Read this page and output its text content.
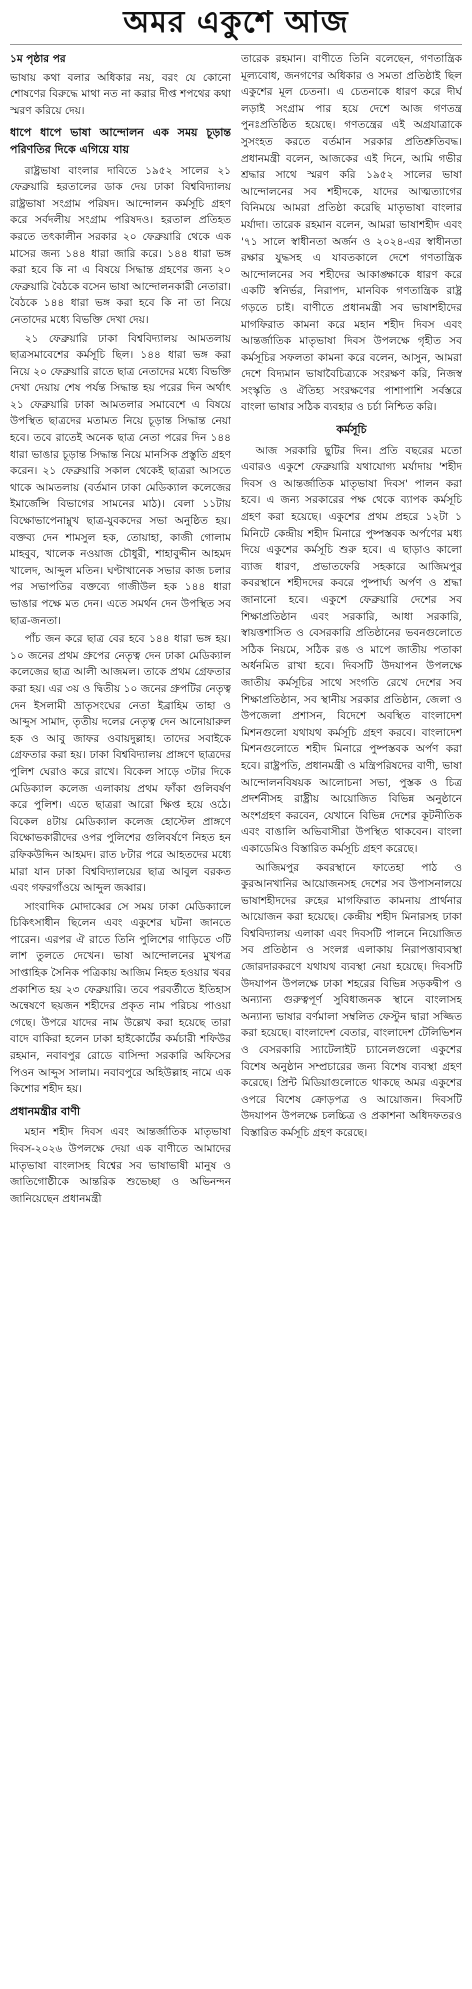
অমর একুশে আজ

১ম পৃষ্ঠার পর

ভাষায় কথা বলার অধিকার নয়, বরং যে কোনো শোষণের বিরুদ্ধে মাথা নত না করার দীপ্ত শপথের কথা স্মরণ করিয়ে দেয়।

ধাপে ধাপে ভাষা আন্দোলন এক সময় চূড়ান্ত পরিণতির দিকে এগিয়ে যায়

রাষ্ট্রভাষা বাংলার দাবিতে ১৯৫২ সালের ২১ ফেব্রুয়ারি হরতালের ডাক দেয় ঢাকা বিশ্ববিদ্যালয় রাষ্ট্রভাষা সংগ্রাম পরিষদ। আন্দোলন কর্মসূচি গ্রহণ করে সর্বদলীয় সংগ্রাম পরিষদও। হরতাল প্রতিহত করতে তৎকালীন সরকার ২০ ফেব্রুয়ারি থেকে এক মাসের জন্য ১৪৪ ধারা জারি করে। ১৪৪ ধারা ভঙ্গ করা হবে কি না এ বিষয়ে সিদ্ধান্ত গ্রহণের জন্য ২০ ফেব্রুয়ারি বৈঠকে বসেন ভাষা আন্দোলনকারী নেতারা। বৈঠকে ১৪৪ ধারা ভঙ্গ করা হবে কি না তা নিয়ে নেতাদের মধ্যে বিভক্তি দেখা দেয়।

২১ ফেব্রুয়ারি ঢাকা বিশ্ববিদ্যালয় আমতলায় ছাত্রসমাবেশের কর্মসূচি ছিল। ১৪৪ ধারা ভঙ্গ করা নিয়ে ২০ ফেব্রুয়ারি রাতে ছাত্র নেতাদের মধ্যে বিভক্তি দেখা দেয়ায় শেষ পর্যন্ত সিদ্ধান্ত হয় পরের দিন অর্থাৎ ২১ ফেব্রুয়ারি ঢাকা আমতলার সমাবেশে এ বিষয়ে উপস্থিত ছাত্রদের মতামত নিয়ে চূড়ান্ত সিদ্ধান্ত নেয়া হবে। তবে রাতেই অনেক ছাত্র নেতা পরের দিন ১৪৪ ধারা ভাঙার চূড়ান্ত সিদ্ধান্ত নিয়ে মানসিক প্রস্তুতি গ্রহণ করেন। ২১ ফেব্রুয়ারি সকাল থেকেই ছাত্ররা আসতে থাকে আমতলায় (বর্তমান ঢাকা মেডিক্যাল কলেজের ইমার্জেন্সি বিভাগের সামনের মাঠ)। বেলা ১১টায় বিক্ষোভাপেনাম্নুখ ছাত্র-যুবকদের সভা অনুষ্ঠিত হয়। বক্তব্য দেন শামসুল হক, তোয়াহা, কাজী গোলাম মাহবুব, খালেক নওয়াজ চৌধুরী, শাহাবুদ্দীন আহমদ খালেদ, আব্দুল মতিন। ঘণ্টাখানেক সভার কাজ চলার পর সভাপতির বক্তব্যে গাজীউল হক ১৪৪ ধারা ভাঙার পক্ষে মত দেন। এতে সমর্থন দেন উপস্থিত সব ছাত্র-জনতা।

পাঁচ জন করে ছাত্র বের হবে ১৪৪ ধারা ভঙ্গ হয়। ১০ জনের প্রথম গ্রুপের নেতৃত্ব দেন ঢাকা মেডিক্যাল কলেজের ছাত্র আলী আজমল। তাকে প্রথম গ্রেফতার করা হয়। এর ৩য় ও দ্বিতীয় ১০ জনের গ্রুপটির নেতৃত্ব দেন ইসলামী ভ্রাতৃসংঘের নেতা ইব্রাহিম তাহা ও আব্দুস সামাদ, তৃতীয় দলের নেতৃত্ব দেন আনোয়ারুল হক ও আবু জাফর ওবায়দুল্লাহ। তাদের সবাইকে গ্রেফতার করা হয়। ঢাকা বিশ্ববিদ্যালয় প্রাঙ্গণে ছাত্রদের পুলিশ ঘেরাও করে রাখে। বিকেল সাড়ে ৩টার দিকে মেডিক্যাল কলেজ এলাকায় প্রথম ফাঁকা গুলিবর্ষণ করে পুলিশ। এতে ছাত্ররা আরো ক্ষিপ্ত হয়ে ওঠে। বিকেল ৪টায় মেডিক্যাল কলেজ হোস্টেল প্রাঙ্গণে বিক্ষোভকারীদের ওপর পুলিশের গুলিবর্ষণে নিহত হন রফিকউদ্দিন আহমদ। রাত ৮টার পরে আহতদের মধ্যে মারা যান ঢাকা বিশ্ববিদ্যালয়ের ছাত্র আবুল বরকত এবং গফরগাঁওয়ে আব্দুল জব্বার।

সাংবাদিক মোদাব্বের সে সময় ঢাকা মেডিক্যালে চিকিৎসাধীন ছিলেন এবং একুশের ঘটনা জানতে পারেন। এরপর ঐ রাতে তিনি পুলিশের গাড়িতে ৩টি লাশ তুলতে দেখেন। ভাষা আন্দোলনের মুখপত্র সাপ্তাহিক সৈনিক পত্রিকায় আজিম নিহত হওয়ার খবর প্রকাশিত হয় ২৩ ফেব্রুয়ারি। তবে পরবর্তীতে ইতিহাস অন্বেষণে ছয়জন শহীদের প্রকৃত নাম পরিচয় পাওয়া গেছে। উপরে যাদের নাম উল্লেখ করা হয়েছে তারা বাদে বাকিরা হলেন ঢাকা হাইকোর্টের কর্মচারী শফিউর রহমান, নবাবপুর রোডে বাসিন্দা সরকারি অফিসের পিওন আব্দুস সালাম। নবাবপুরে অহিউল্লাহ নামে এক কিশোর শহীদ হয়।

প্রধানমন্ত্রীর বাণী

মহান শহীদ দিবস এবং আন্তর্জাতিক মাতৃভাষা দিবস-২০২৬ উপলক্ষে দেয়া এক বাণীতে আমাদের মাতৃভাষা বাংলাসহ বিশ্বের সব ভাষাভাষী মানুষ ও জাতিগোষ্ঠীকে আন্তরিক শুভেচ্ছা ও অভিনন্দন জানিয়েছেন প্রধানমন্ত্রী

তারেক রহমান। বাণীতে তিনি বলেছেন, গণতান্ত্রিক মূল্যবোধ, জনগণের অধিকার ও সমতা প্রতিষ্ঠাই ছিল একুশের মূল চেতনা। এ চেতনাকে ধারণ করে দীর্ঘ লড়াই সংগ্রাম পার হয়ে দেশে আজ গণতন্ত্র পুনঃপ্রতিষ্ঠিত হয়েছে। গণতন্ত্রের এই অগ্রযাত্রাকে সুসংহত করতে বর্তমান সরকার প্রতিশ্রুতিবদ্ধ। প্রধানমন্ত্রী বলেন, আজকের এই দিনে, আমি গভীর শ্রদ্ধার সাথে স্মরণ করি ১৯৫২ সালের ভাষা আন্দোলনের সব শহীদকে, যাদের আত্মত্যাগের বিনিময়ে আমরা প্রতিষ্ঠা করেছি মাতৃভাষা বাংলার মর্যাদা। তারেক রহমান বলেন, আমরা ভাষাশহীদ এবং '৭১ সালে স্বাধীনতা অর্জন ও ২০২৪-এর স্বাধীনতা রক্ষার যুদ্ধসহ এ যাবতকালে দেশে গণতান্ত্রিক আন্দোলনের সব শহীদের আকাঙ্ক্ষাকে ধারণ করে একটি স্বনির্ভর, নিরাপদ, মানবিক গণতান্ত্রিক রাষ্ট্র গড়তে চাই। বাণীতে প্রধানমন্ত্রী সব ভাষাশহীদের মাগফিরাত কামনা করে মহান শহীদ দিবস এবং আন্তর্জাতিক মাতৃভাষা দিবস উপলক্ষে গৃহীত সব কর্মসূচির সফলতা কামনা করে বলেন, আসুন, আমরা দেশে বিদ্যমান ভাষাবৈচিত্র্যকে সংরক্ষণ করি, নিজস্ব সংস্কৃতি ও ঐতিহ্য সংরক্ষণের পাশাপাশি সর্বস্তরে বাংলা ভাষার সঠিক ব্যবহার ও চর্চা নিশ্চিত করি।

কর্মসূচি

আজ সরকারি ছুটির দিন। প্রতি বছরের মতো এবারও একুশে ফেব্রুয়ারি যথাযোগ্য মর্যাদায় 'শহীদ দিবস ও আন্তর্জাতিক মাতৃভাষা দিবস' পালন করা হবে। এ জন্য সরকারের পক্ষ থেকে ব্যাপক কর্মসূচি গ্রহণ করা হয়েছে। একুশের প্রথম প্রহরে ১২টা ১ মিনিটে কেন্দ্রীয় শহীদ মিনারে পুষ্পস্তবক অর্পণের মধ্য দিয়ে একুশের কর্মসূচি শুরু হবে। এ ছাড়াও কালো ব্যাজ ধারণ, প্রভাতফেরি সহকারে আজিমপুর কবরস্থানে শহীদদের কবরে পুষ্পার্ঘ্য অর্পণ ও শ্রদ্ধা জানানো হবে। একুশে ফেব্রুয়ারি দেশের সব শিক্ষাপ্রতিষ্ঠান এবং সরকারি, আধা সরকারি, স্বায়ত্তশাসিত ও বেসরকারি প্রতিষ্ঠানের ভবনগুলোতে সঠিক নিয়মে, সঠিক রঙ ও মাপে জাতীয় পতাকা অর্ধনমিত রাখা হবে। দিবসটি উদযাপন উপলক্ষে জাতীয় কর্মসূচির সাথে সংগতি রেখে দেশের সব শিক্ষাপ্রতিষ্ঠান, সব স্থানীয় সরকার প্রতিষ্ঠান, জেলা ও উপজেলা প্রশাসন, বিদেশে অবস্থিত বাংলাদেশ মিশনগুলো যথাযথ কর্মসূচি গ্রহণ করবে। বাংলাদেশ মিশনগুলোতে শহীদ মিনারে পুষ্পস্তবক অর্পণ করা হবে। রাষ্ট্রপতি, প্রধানমন্ত্রী ও মন্ত্রিপরিষদের বাণী, ভাষা আন্দোলনবিষয়ক আলোচনা সভা, পুস্তক ও চিত্র প্রদর্শনীসহ রাষ্ট্রীয় আয়োজিত বিভিন্ন অনুষ্ঠানে অংশগ্রহণ করবেন, যেখানে বিভিন্ন দেশের কূটনীতিক এবং বাঙালি অভিবাসীরা উপস্থিত থাকবেন। বাংলা একাডেমিও বিস্তারিত কর্মসূচি গ্রহণ করেছে।

আজিমপুর কবরস্থানে ফাতেহা পাঠ ও কুরআনখানির আয়োজনসহ দেশের সব উপাসনালয়ে ভাষাশহীদদের রুহের মাগফিরাত কামনায় প্রার্থনার আয়োজন করা হয়েছে। কেন্দ্রীয় শহীদ মিনারসহ ঢাকা বিশ্ববিদ্যালয় এলাকা এবং দিবসটি পালনে নিয়োজিত সব প্রতিষ্ঠান ও সংলগ্ন এলাকায় নিরাপত্তাব্যবস্থা জোরদারকরণে যথাযথ ব্যবস্থা নেয়া হয়েছে। দিবসটি উদযাপন উপলক্ষে ঢাকা শহরের বিভিন্ন সড়কদ্বীপ ও অন্যান্য গুরুত্বপূর্ণ সুবিধাজনক স্থানে বাংলাসহ অন্যান্য ভাষার বর্ণমালা সম্বলিত ফেস্টুন দ্বারা সজ্জিত করা হয়েছে। বাংলাদেশ বেতার, বাংলাদেশ টেলিভিশন ও বেসরকারি স্যাটেলাইট চ্যানেলগুলো একুশের বিশেষ অনুষ্ঠান সম্প্রচারের জন্য বিশেষ ব্যবস্থা গ্রহণ করেছে। প্রিন্ট মিডিয়াগুলোতে থাকছে অমর একুশের ওপরে বিশেষ ক্রোড়পত্র ও আয়োজন। দিবসটি উদযাপন উপলক্ষে চলচ্চিত্র ও প্রকাশনা অধিদফতরও বিস্তারিত কর্মসূচি গ্রহণ করেছে।
